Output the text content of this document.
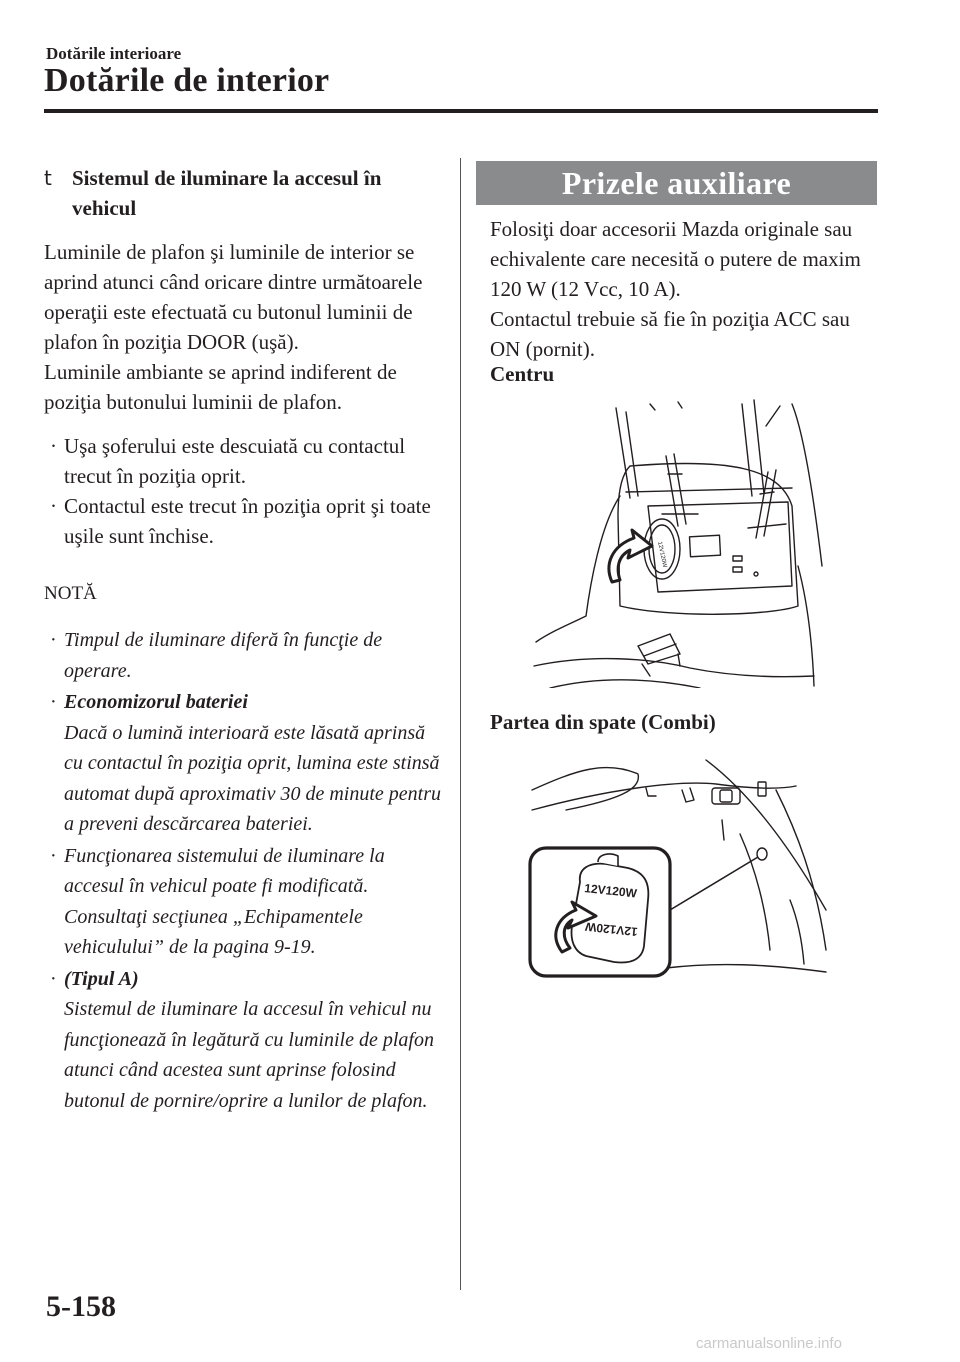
Dotările interioare
Dotările de interior
t Sistemul de iluminare la accesul în vehicul

Luminile de plafon şi luminile de interior se aprind atunci când oricare dintre următoarele operaţii este efectuată cu butonul luminii de plafon în poziţia DOOR (uşă).

Luminile ambiante se aprind indiferent de poziţia butonului luminii de plafon.

· Uşa şoferului este descuiată cu contactul trecut în poziţia oprit.
· Contactul este trecut în poziţia oprit şi toate uşile sunt închise.
NOTĂ
· Timpul de iluminare diferă în funcţie de operare.
· Economizorul bateriei
Dacă o lumină interioară este lăsată aprinsă cu contactul în poziţia oprit, lumina este stinsă automat după aproximativ 30 de minute pentru a preveni descărcarea bateriei.
· Funcţionarea sistemului de iluminare la accesul în vehicul poate fi modificată. Consultaţi secţiunea „Echipamentele vehiculului” de la pagina 9-19.
· (Tipul A)
Sistemul de iluminare la accesul în vehicul nu funcţionează în legătură cu luminile de plafon atunci când acestea sunt aprinse folosind butonul de pornire/oprire a lunilor de plafon.
Prizele auxiliare

Folosiţi doar accesorii Mazda originale sau echivalente care necesită o putere de maxim 120 W (12 Vcc, 10 A).

Contactul trebuie să fie în poziţia ACC sau ON (pornit).

Centru
12V120W
Partea din spate (Combi)
12V120W
12V120W
5-158
carmanualsonline.info
